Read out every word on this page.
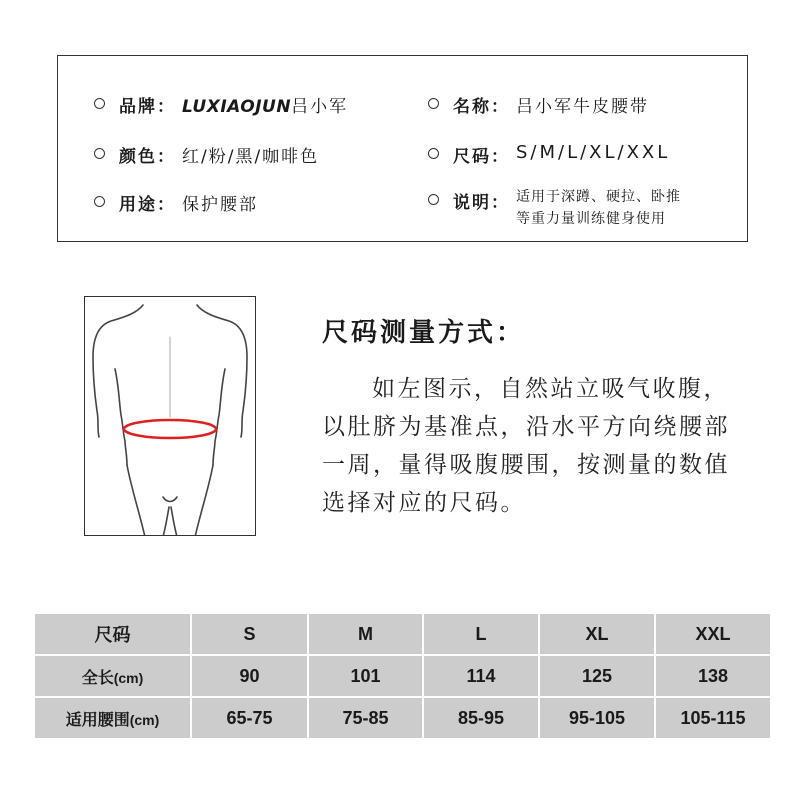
品牌： LUXIAOJUN吕小军	名称： 吕小军牛皮腰带
颜色： 红/粉/黑/咖啡色	尺码： S/M/L/XL/XXL
用途： 保护腰部	说明： 适用于深蹲、硬拉、卧推
等重力量训练健身使用
尺码测量方式：
如左图示，自然站立吸气收腹，以肚脐为基准点，沿水平方向绕腰部一周，量得吸腹腰围，按测量的数值选择对应的尺码。
尺码	S	M	L	XL	XXL
全长(cm)	90	101	114	125	138
适用腰围(cm)	65-75	75-85	85-95	95-105	105-115
